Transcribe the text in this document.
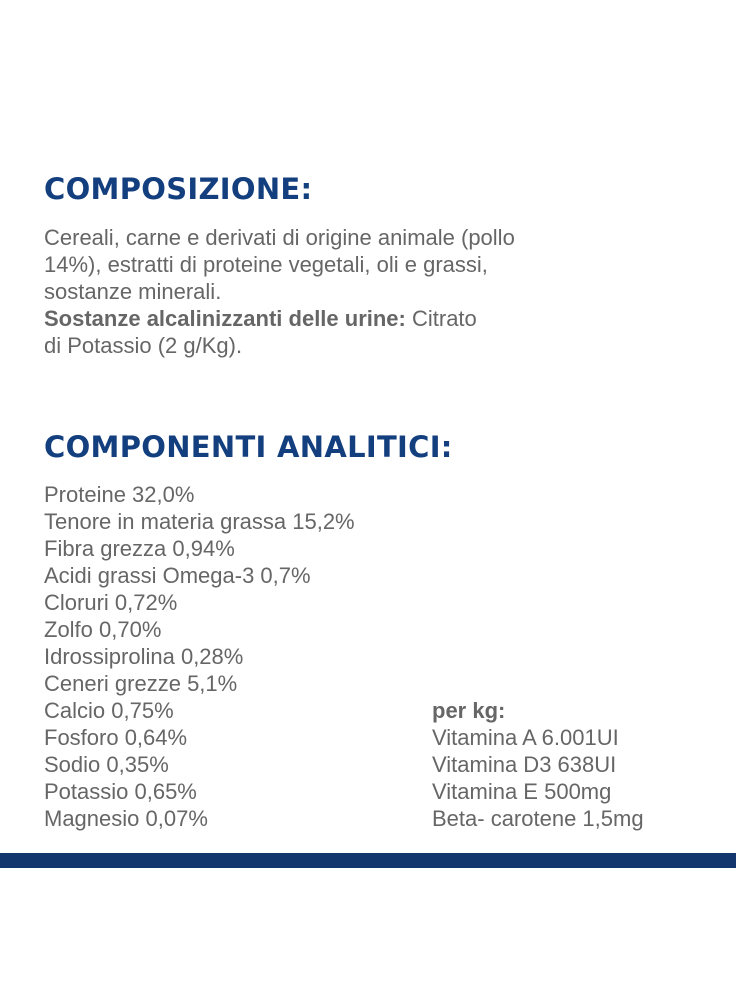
COMPOSIZIONE:
Cereali, carne e derivati di origine animale (pollo
14%), estratti di proteine vegetali, oli e grassi,
sostanze minerali.
Sostanze alcalinizzanti delle urine: Citrato
di Potassio (2 g/Kg).
COMPONENTI ANALITICI:
Proteine 32,0%
Tenore in materia grassa 15,2%
Fibra grezza 0,94%
Acidi grassi Omega-3 0,7%
Cloruri 0,72%
Zolfo 0,70%
Idrossiprolina 0,28%
Ceneri grezze 5,1%
Calcio 0,75%
Fosforo 0,64%
Sodio 0,35%
Potassio 0,65%
Magnesio 0,07%
per kg:
Vitamina A 6.001UI
Vitamina D3 638UI
Vitamina E 500mg
Beta- carotene 1,5mg
